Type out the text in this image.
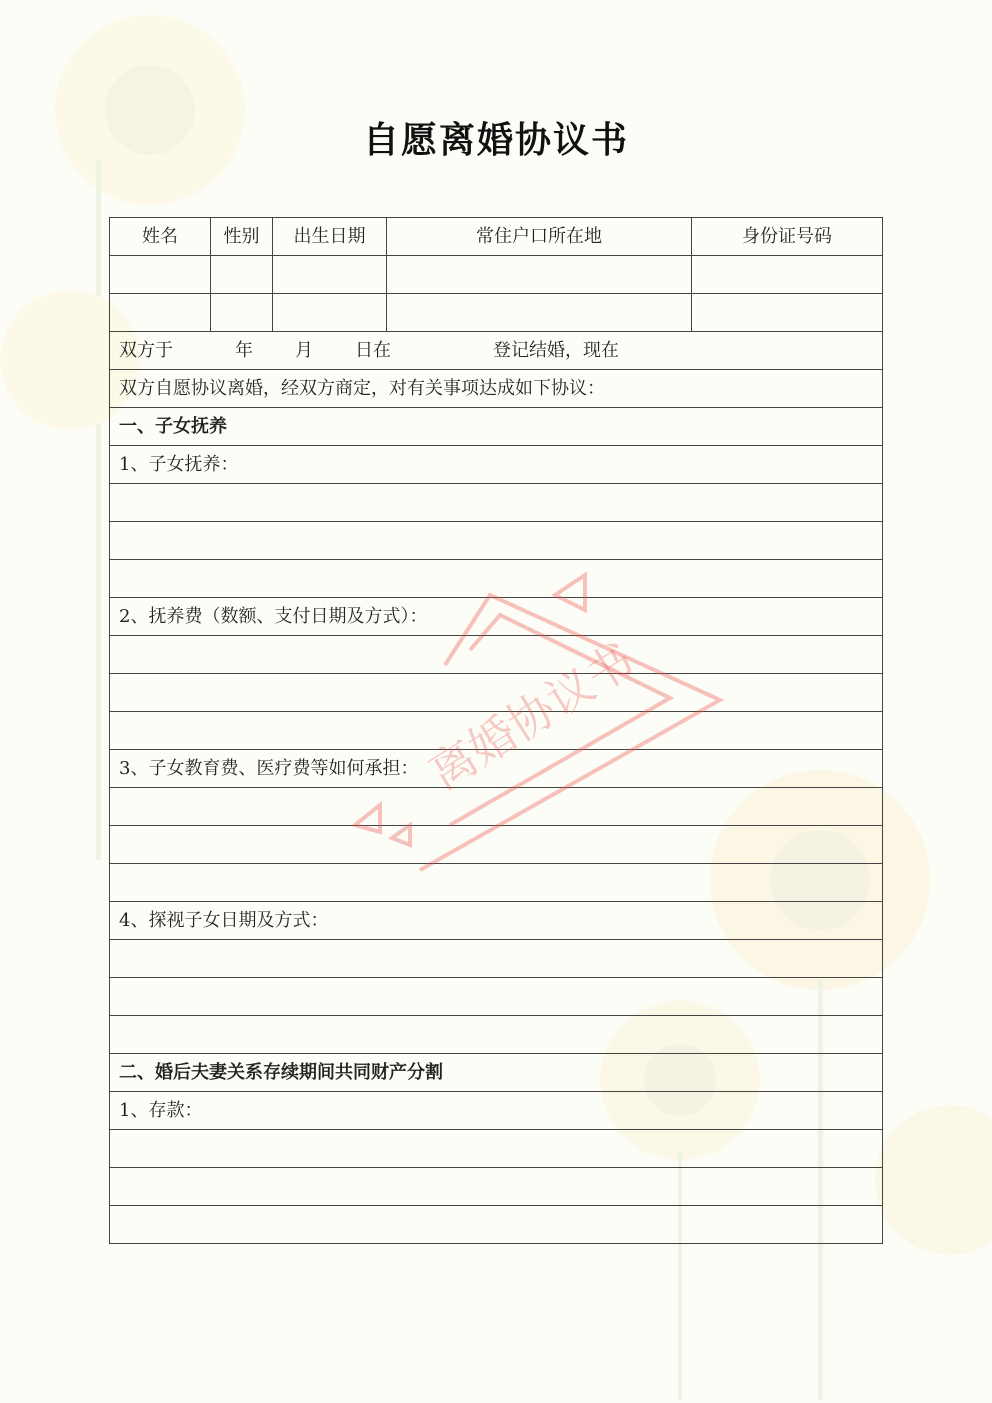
自愿离婚协议书
姓名	性别	出生日期	常住户口所在地	身份证号码

双方于 年 月 日在 登记结婚，现在				
双方自愿协议离婚，经双方商定，对有关事项达成如下协议：				
一、子女抚养				
1、子女抚养：				

2、抚养费（数额、支付日期及方式）：				

3、子女教育费、医疗费等如何承担：				

4、探视子女日期及方式：				

二、婚后夫妻关系存续期间共同财产分割				
1、存款：				

离婚协议书
